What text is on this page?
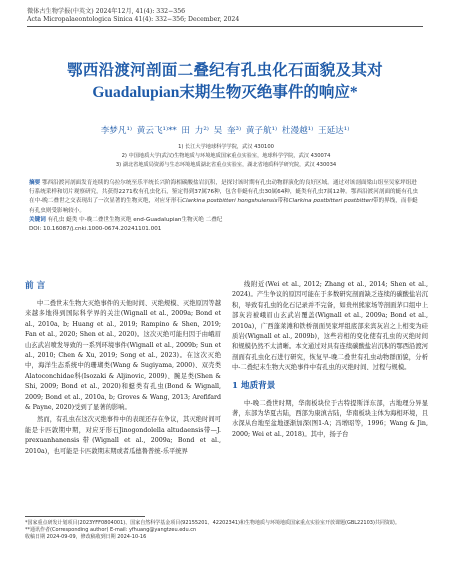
微体古生物学报(中英文) 2024年12月, 41(4): 332−356
Acta Micropalaeontologica Sinica 41(4): 332−356; December, 2024
鄂西沿渡河剖面二叠纪有孔虫化石面貌及其对
Guadalupian末期生物灭绝事件的响应*
李梦凡¹⁾ 黄云飞¹⁾** 田 力²⁾ 吴 奎³⁾ 黄子航¹⁾ 杜漫越¹⁾ 王延达¹⁾
1) 长江大学地球科学学院，武汉 430100
2) 中国地质大学(武汉)生物地质与环境地质国家重点实验室，地球科学学院，武汉 430074
3) 湖北省地质局资源与生态环境地质湖北省重点实验室，湖北省地质科学研究院，武汉 430034
摘要 鄂西沿渡河剖面发育连续的乌拉尔统至乐平统长兴阶海相碳酸盐岩沉积，是探讨该时期有孔虫动物群演化的良好区域。通过对该剖面梁山组至吴家坪组进行系统采样和切片观察研究，共获得2271枚有孔虫化石，鉴定得到37属76种，包含非蜓有孔虫30属64种，蜓类有孔虫7属12种。鄂西沿渡河剖面的蜓有孔虫在中-晚二叠世之交表现出了一次显著的生物灭绝，对应牙形石Clarkina postbitteri hongshuiensis带和Clarkina postbitteri postbitteri带的界线，而非蜓有孔虫则受影响较小。
关键词 有孔虫 蜓类 中-晚二叠世生物灭绝 end-Guadalupian生物灭绝 二叠纪
DOI: 10.16087/j.cnki.1000-0674.20241101.001
前 言

中二叠世末生物大灭绝事件的天他时间、灭绝规模、灭绝原因等越来越多地得到国际科学界的关注(Wignall et al., 2009a; Bond et al., 2010a, b; Huang et al., 2019; Rampino & Shen, 2019; Fan et al., 2020; Shen et al., 2020)。这次灭绝可能归因于由峨眉山玄武岩喷发导致的一系列环境事件(Wignall et al., 2009b; Sun et al., 2010; Chen & Xu, 2019; Song et al., 2023)。在这次灭绝中，海洋生态系统中的珊瑚类(Wang & Sugiyama, 2000)、双壳类Alatoconchidae科(Isozaki & Aljinovic, 2009)、腕足类(Shen & Shi, 2009; Bond et al., 2020)和蜓类有孔虫(Bond & Wignall, 2009; Bond et al., 2010a, b; Groves & Wang, 2013; Arefifard & Payne, 2020)受到了显著的影响。

然而，有孔虫在这次灭绝事件中的表现还存在争议，其灭绝时间可能是卡匹敦期中期，对应牙形石Jinogondolella altudaensis带—J. prexuanhanensis带(Wignall et al., 2009a; Bond et al., 2010a)，也可能是卡匹敦期末期或者瓜德鲁普统-乐平统界

线附近(Wei et al., 2012; Zhang et al., 2014; Shen et al., 2024)。产生争议的原因可能在于多数研究剖面缺乏连续的碳酸盐岩沉积，导致有孔虫的化石记录并不完备，如贵州熊家场等剖面茅口组中上部灰岩被峨眉山玄武岩覆盖(Wignall et al., 2009a; Bond et al., 2010a)，广西蓬莱滩和铁桥剖面吴家坪组底部来宾灰岩之上相变为硅质岩(Wignall et al., 2009b)，这些岩相的变化使有孔虫的灭绝时间和规模仍然不太清晰。本文通过对具有连续碳酸盐岩沉积的鄂西沿渡河剖面有孔虫化石进行研究，恢复早-晚二叠世有孔虫动物群面貌，分析中-二叠纪末生物大灭绝事件中有孔虫的灭绝时间、过程与规模。

1 地质背景

中-晚二叠世时期，华南板块位于古特提斯洋东部，古地理分异显著，东部为华夏古陆，西部为康滇古陆，华南板块主体为海相环境，且水深从台地至盆地逐渐加深(图1-A；冯增昭等，1996；Wang & Jin, 2000; Wei et al., 2018)。其中，扬子台

*国家重点研发计划项目(2023YFF0804001)、国家自然科学基金项目(92155201、42202341)和生物地质与环境地质国家重点实验室开放课题(GBL22103)共同资助。
**通讯作者(Corresponding author) E-mail: yfhuang@yangtzeu.edu.cn
收稿日期 2024-09-09，修改稿收到日期 2024-10-16
